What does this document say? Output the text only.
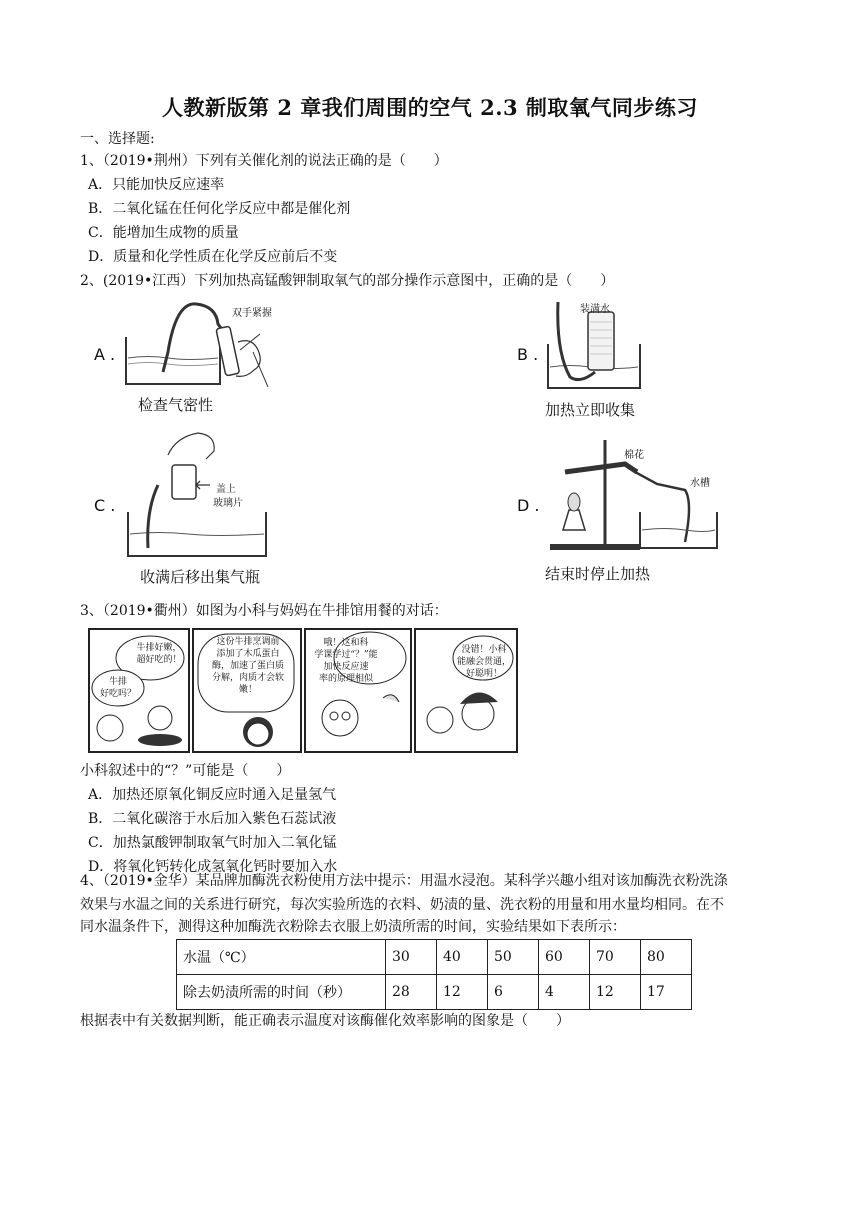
人教新版第 2 章我们周围的空气 2.3 制取氧气同步练习
一、选择题:
1、（2019•荆州）下列有关催化剂的说法正确的是（　　）
A．只能加快反应速率
B．二氧化锰在任何化学反应中都是催化剂
C．能增加生成物的质量
D．质量和化学性质在化学反应前后不变
2、(2019•江西）下列加热高锰酸钾制取氧气的部分操作示意图中，正确的是（　　）
A .
双手紧握
检查气密性
B .
装满水
加热立即收集
C .
盖上
玻璃片
收满后移出集气瓶
D .
棉花
水槽
结束时停止加热
3、（2019•衢州）如图为小科与妈妈在牛排馆用餐的对话：
牛排好嫩，
超好吃的！
牛排
好吃吗？
这份牛排烹调前
添加了木瓜蛋白
酶，加速了蛋白质
分解，肉质才会软
嫩！
哦！这和科
学课学过“？”能
加快反应速
率的原理相似
没错！小科
能融会贯通，
好聪明！
小科叙述中的“？”可能是（　　）
A．加热还原氧化铜反应时通入足量氢气
B．二氧化碳溶于水后加入紫色石蕊试液
C．加热氯酸钾制取氧气时加入二氧化锰
D．将氧化钙转化成氢氧化钙时要加入水
4、（2019•金华）某品牌加酶洗衣粉使用方法中提示：用温水浸泡。某科学兴趣小组对该加酶洗衣粉洗涤
效果与水温之间的关系进行研究，每次实验所选的衣料、奶渍的量、洗衣粉的用量和用水量均相同。在不
同水温条件下，测得这种加酶洗衣粉除去衣服上奶渍所需的时间，实验结果如下表所示：
水温（℃）	30	40	50	60	70	80
除去奶渍所需的时间（秒）	28	12	6	4	12	17
根据表中有关数据判断，能正确表示温度对该酶催化效率影响的图象是（　　）
